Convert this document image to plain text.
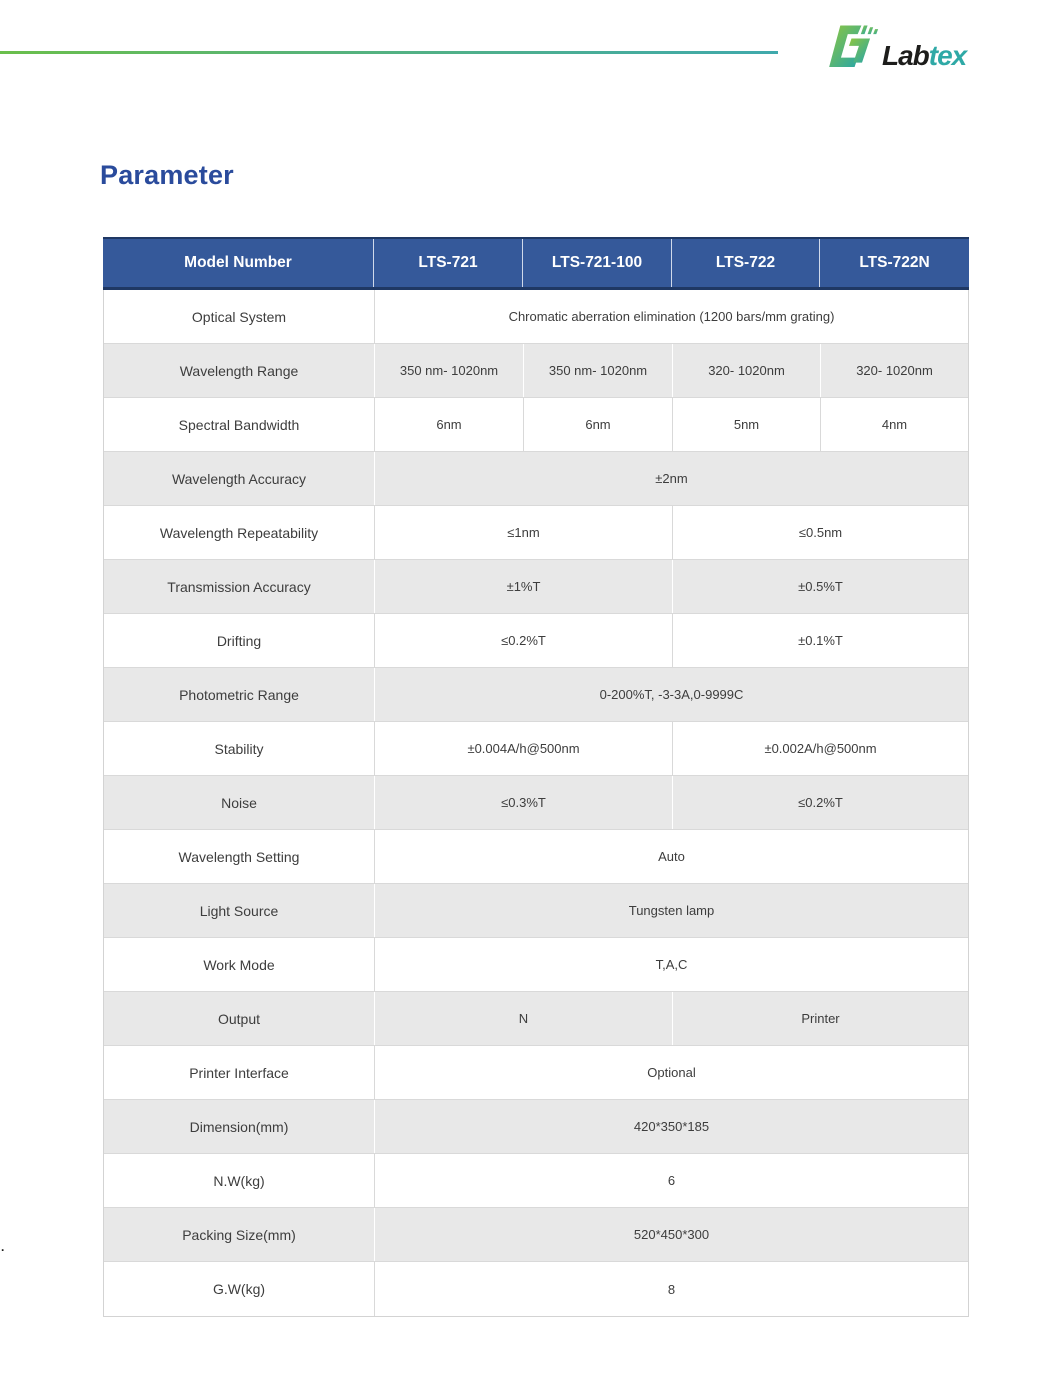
Labtex
Parameter
Model Number	LTS-721	LTS-721-100	LTS-722	LTS-722N
Optical System	Chromatic aberration elimination (1200 bars/mm grating)
Wavelength Range	350 nm- 1020nm	350 nm- 1020nm	320- 1020nm	320- 1020nm
Spectral Bandwidth	6nm	6nm	5nm	4nm
Wavelength Accuracy	±2nm
Wavelength Repeatability	≤1nm	≤0.5nm
Transmission Accuracy	±1%T	±0.5%T
Drifting	≤0.2%T	±0.1%T
Photometric Range	0-200%T, -3-3A,0-9999C
Stability	±0.004A/h@500nm	±0.002A/h@500nm
Noise	≤0.3%T	≤0.2%T
Wavelength Setting	Auto
Light Source	Tungsten lamp
Work Mode	T,A,C
Output	N	Printer
Printer Interface	Optional
Dimension(mm)	420*350*185
N.W(kg)	6
Packing Size(mm)	520*450*300
G.W(kg)	8
.
